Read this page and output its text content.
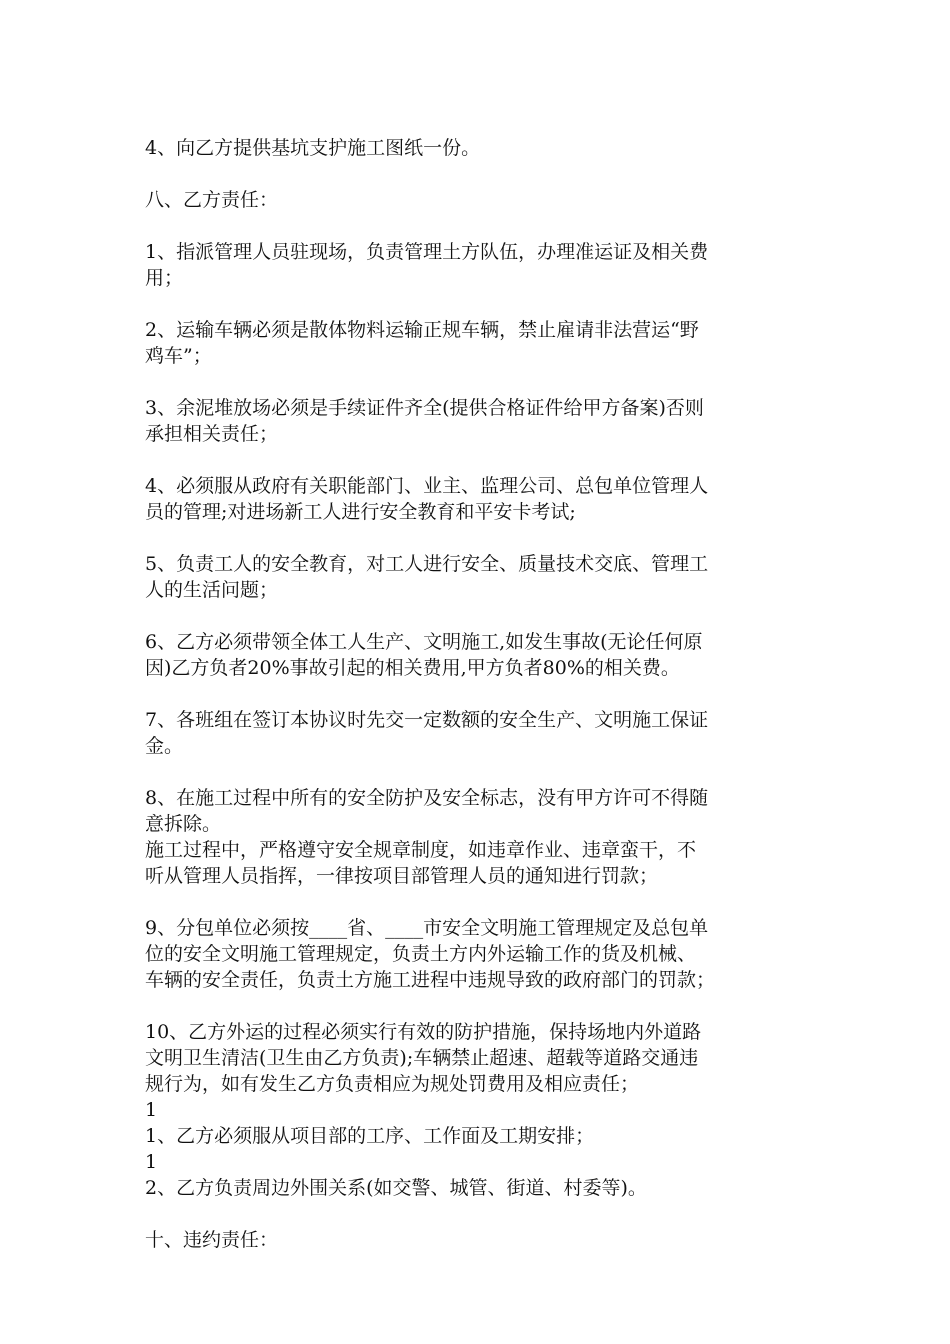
4、向乙方提供基坑支护施工图纸一份。
八、乙方责任：
1、指派管理人员驻现场，负责管理土方队伍，办理准运证及相关费
用；
2、运输车辆必须是散体物料运输正规车辆，禁止雇请非法营运“野
鸡车”；
3、余泥堆放场必须是手续证件齐全(提供合格证件给甲方备案)否则
承担相关责任；
4、必须服从政府有关职能部门、业主、监理公司、总包单位管理人
员的管理;对进场新工人进行安全教育和平安卡考试;
5、负责工人的安全教育，对工人进行安全、质量技术交底、管理工
人的生活问题；
6、乙方必须带领全体工人生产、文明施工,如发生事故(无论任何原
因)乙方负者20%事故引起的相关费用,甲方负者80%的相关费。
7、各班组在签订本协议时先交一定数额的安全生产、文明施工保证
金。
8、在施工过程中所有的安全防护及安全标志，没有甲方许可不得随
意拆除。
施工过程中，严格遵守安全规章制度，如违章作业、违章蛮干，不
听从管理人员指挥，一律按项目部管理人员的通知进行罚款；
9、分包单位必须按____省、____市安全文明施工管理规定及总包单
位的安全文明施工管理规定，负责土方内外运输工作的货及机械、
车辆的安全责任，负责土方施工进程中违规导致的政府部门的罚款；
10、乙方外运的过程必须实行有效的防护措施，保持场地内外道路
文明卫生清洁(卫生由乙方负责);车辆禁止超速、超载等道路交通违
规行为，如有发生乙方负责相应为规处罚费用及相应责任；
1
1、乙方必须服从项目部的工序、工作面及工期安排；
1
2、乙方负责周边外围关系(如交警、城管、街道、村委等)。
十、违约责任：
